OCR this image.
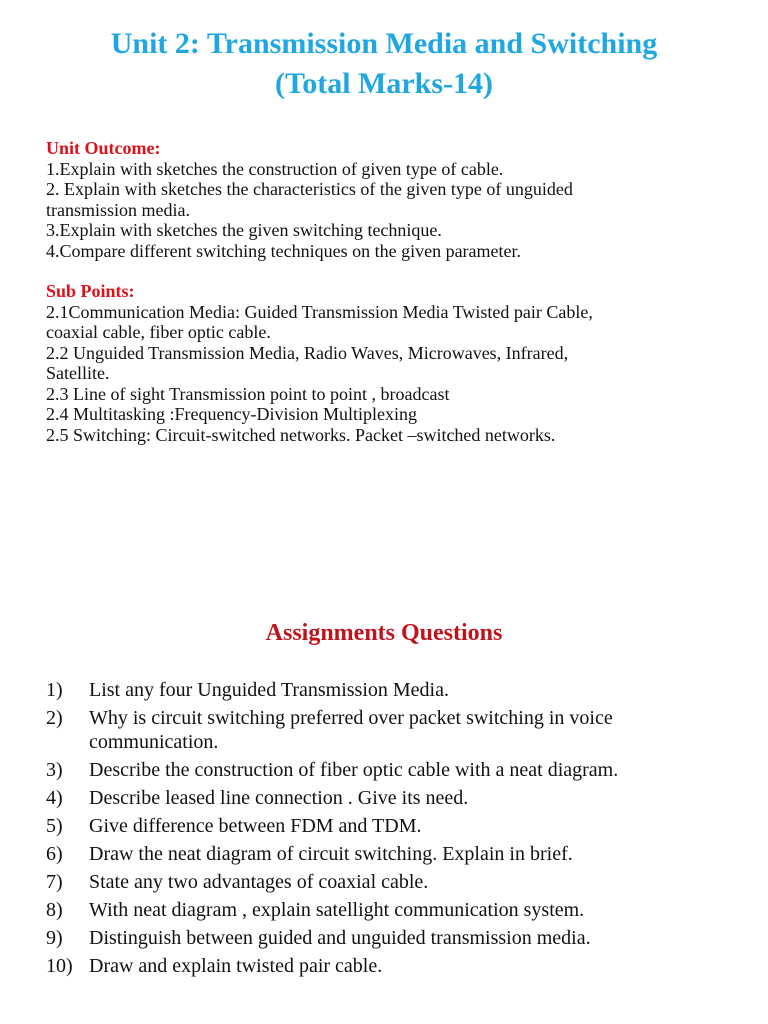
Unit 2: Transmission Media and Switching
(Total Marks-14)
Unit Outcome:
1.Explain with sketches the construction of given type of cable.
2. Explain with sketches the characteristics of the given type of unguided
transmission media.
3.Explain with sketches the given switching technique.
4.Compare different switching techniques on the given parameter.
Sub Points:
2.1Communication Media: Guided Transmission Media Twisted pair Cable,
coaxial cable, fiber optic cable.
2.2 Unguided Transmission Media, Radio Waves, Microwaves, Infrared,
Satellite.
2.3 Line of sight Transmission point to point , broadcast
2.4 Multitasking :Frequency-Division Multiplexing
2.5 Switching: Circuit-switched networks. Packet –switched networks.
Assignments Questions
1) List any four Unguided Transmission Media.
2) Why is circuit switching preferred over packet switching in voice communication.
3) Describe the construction of fiber optic cable with a neat diagram.
4) Describe leased line connection . Give its need.
5) Give difference between FDM and TDM.
6) Draw the neat diagram of circuit switching. Explain in brief.
7) State any two advantages of coaxial cable.
8) With neat diagram , explain satellight communication system.
9) Distinguish between guided and unguided transmission media.
10) Draw and explain twisted pair cable.
